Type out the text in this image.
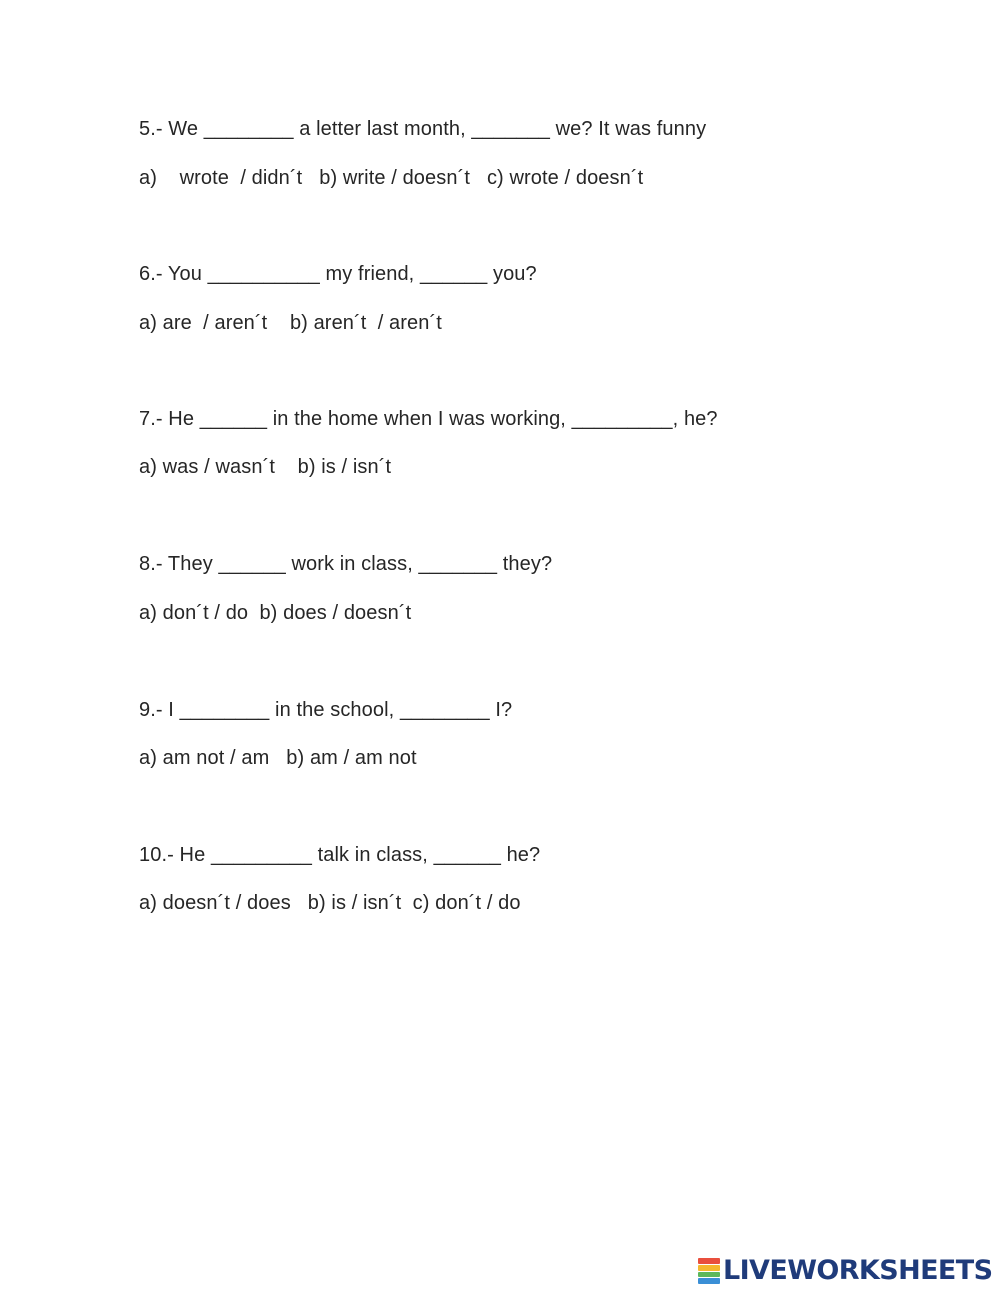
5.- We ________ a letter last month, _______ we? It was funny
a)    wrote  / didn´t   b) write / doesn´t   c) wrote / doesn´t
6.- You __________ my friend, ______ you?
a) are  / aren´t    b) aren´t  / aren´t
7.- He ______ in the home when I was working, _________, he?
a) was / wasn´t    b) is / isn´t
8.- They ______ work in class, _______ they?
a) don´t / do  b) does / doesn´t
9.- I ________ in the school, ________ I?
a) am not / am   b) am / am not
10.- He _________ talk in class, ______ he?
a) doesn´t / does   b) is / isn´t  c) don´t / do
LIVEWORKSHEETS
